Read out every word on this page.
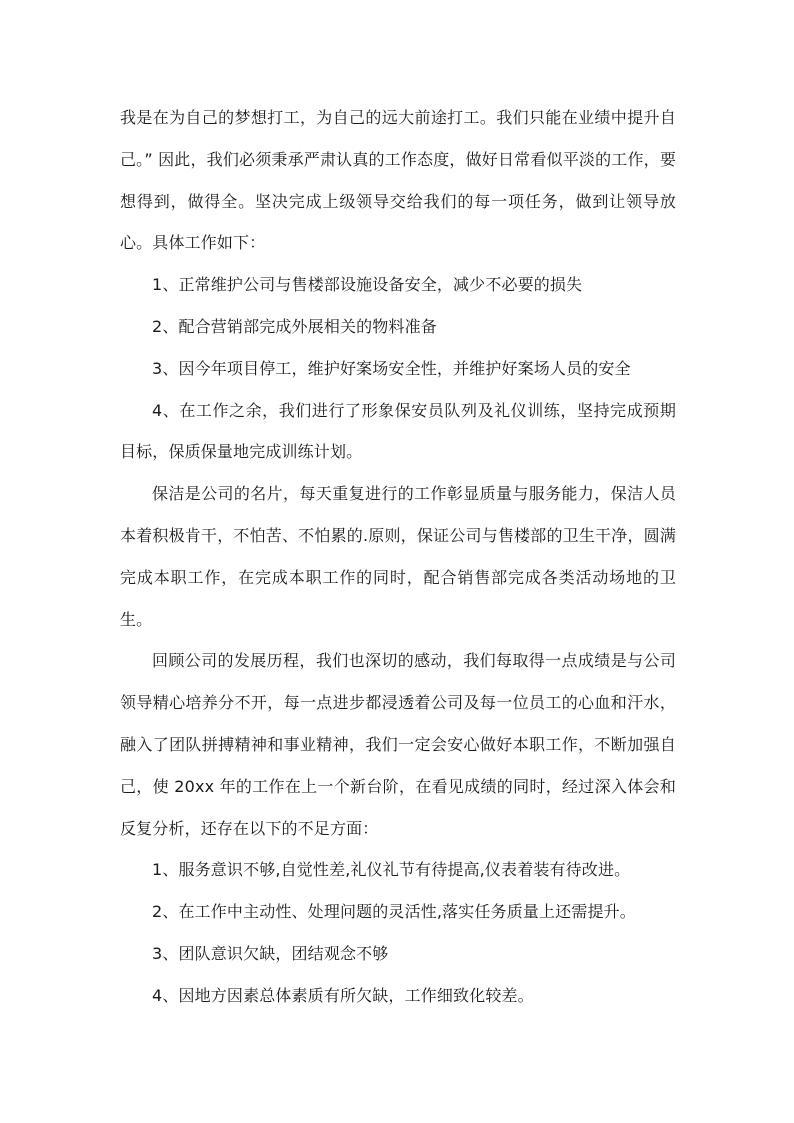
我是在为自己的梦想打工，为自己的远大前途打工。我们只能在业绩中提升自己。” 因此，我们必须秉承严肃认真的工作态度，做好日常看似平淡的工作，要想得到，做得全。坚决完成上级领导交给我们的每一项任务，做到让领导放心。具体工作如下：

1、正常维护公司与售楼部设施设备安全，减少不必要的损失

2、配合营销部完成外展相关的物料准备

3、因今年项目停工，维护好案场安全性，并维护好案场人员的安全

4、在工作之余，我们进行了形象保安员队列及礼仪训练，坚持完成预期目标，保质保量地完成训练计划。

保洁是公司的名片，每天重复进行的工作彰显质量与服务能力，保洁人员本着积极肯干，不怕苦、不怕累的.原则，保证公司与售楼部的卫生干净，圆满完成本职工作，在完成本职工作的同时，配合销售部完成各类活动场地的卫生。

回顾公司的发展历程，我们也深切的感动，我们每取得一点成绩是与公司领导精心培养分不开，每一点进步都浸透着公司及每一位员工的心血和汗水，融入了团队拼搏精神和事业精神，我们一定会安心做好本职工作，不断加强自己，使 20xx 年的工作在上一个新台阶，在看见成绩的同时，经过深入体会和反复分析，还存在以下的不足方面：

1、服务意识不够,自觉性差,礼仪礼节有待提高,仪表着装有待改进。

2、在工作中主动性、处理问题的灵活性,落实任务质量上还需提升。

3、团队意识欠缺，团结观念不够

4、因地方因素总体素质有所欠缺，工作细致化较差。
